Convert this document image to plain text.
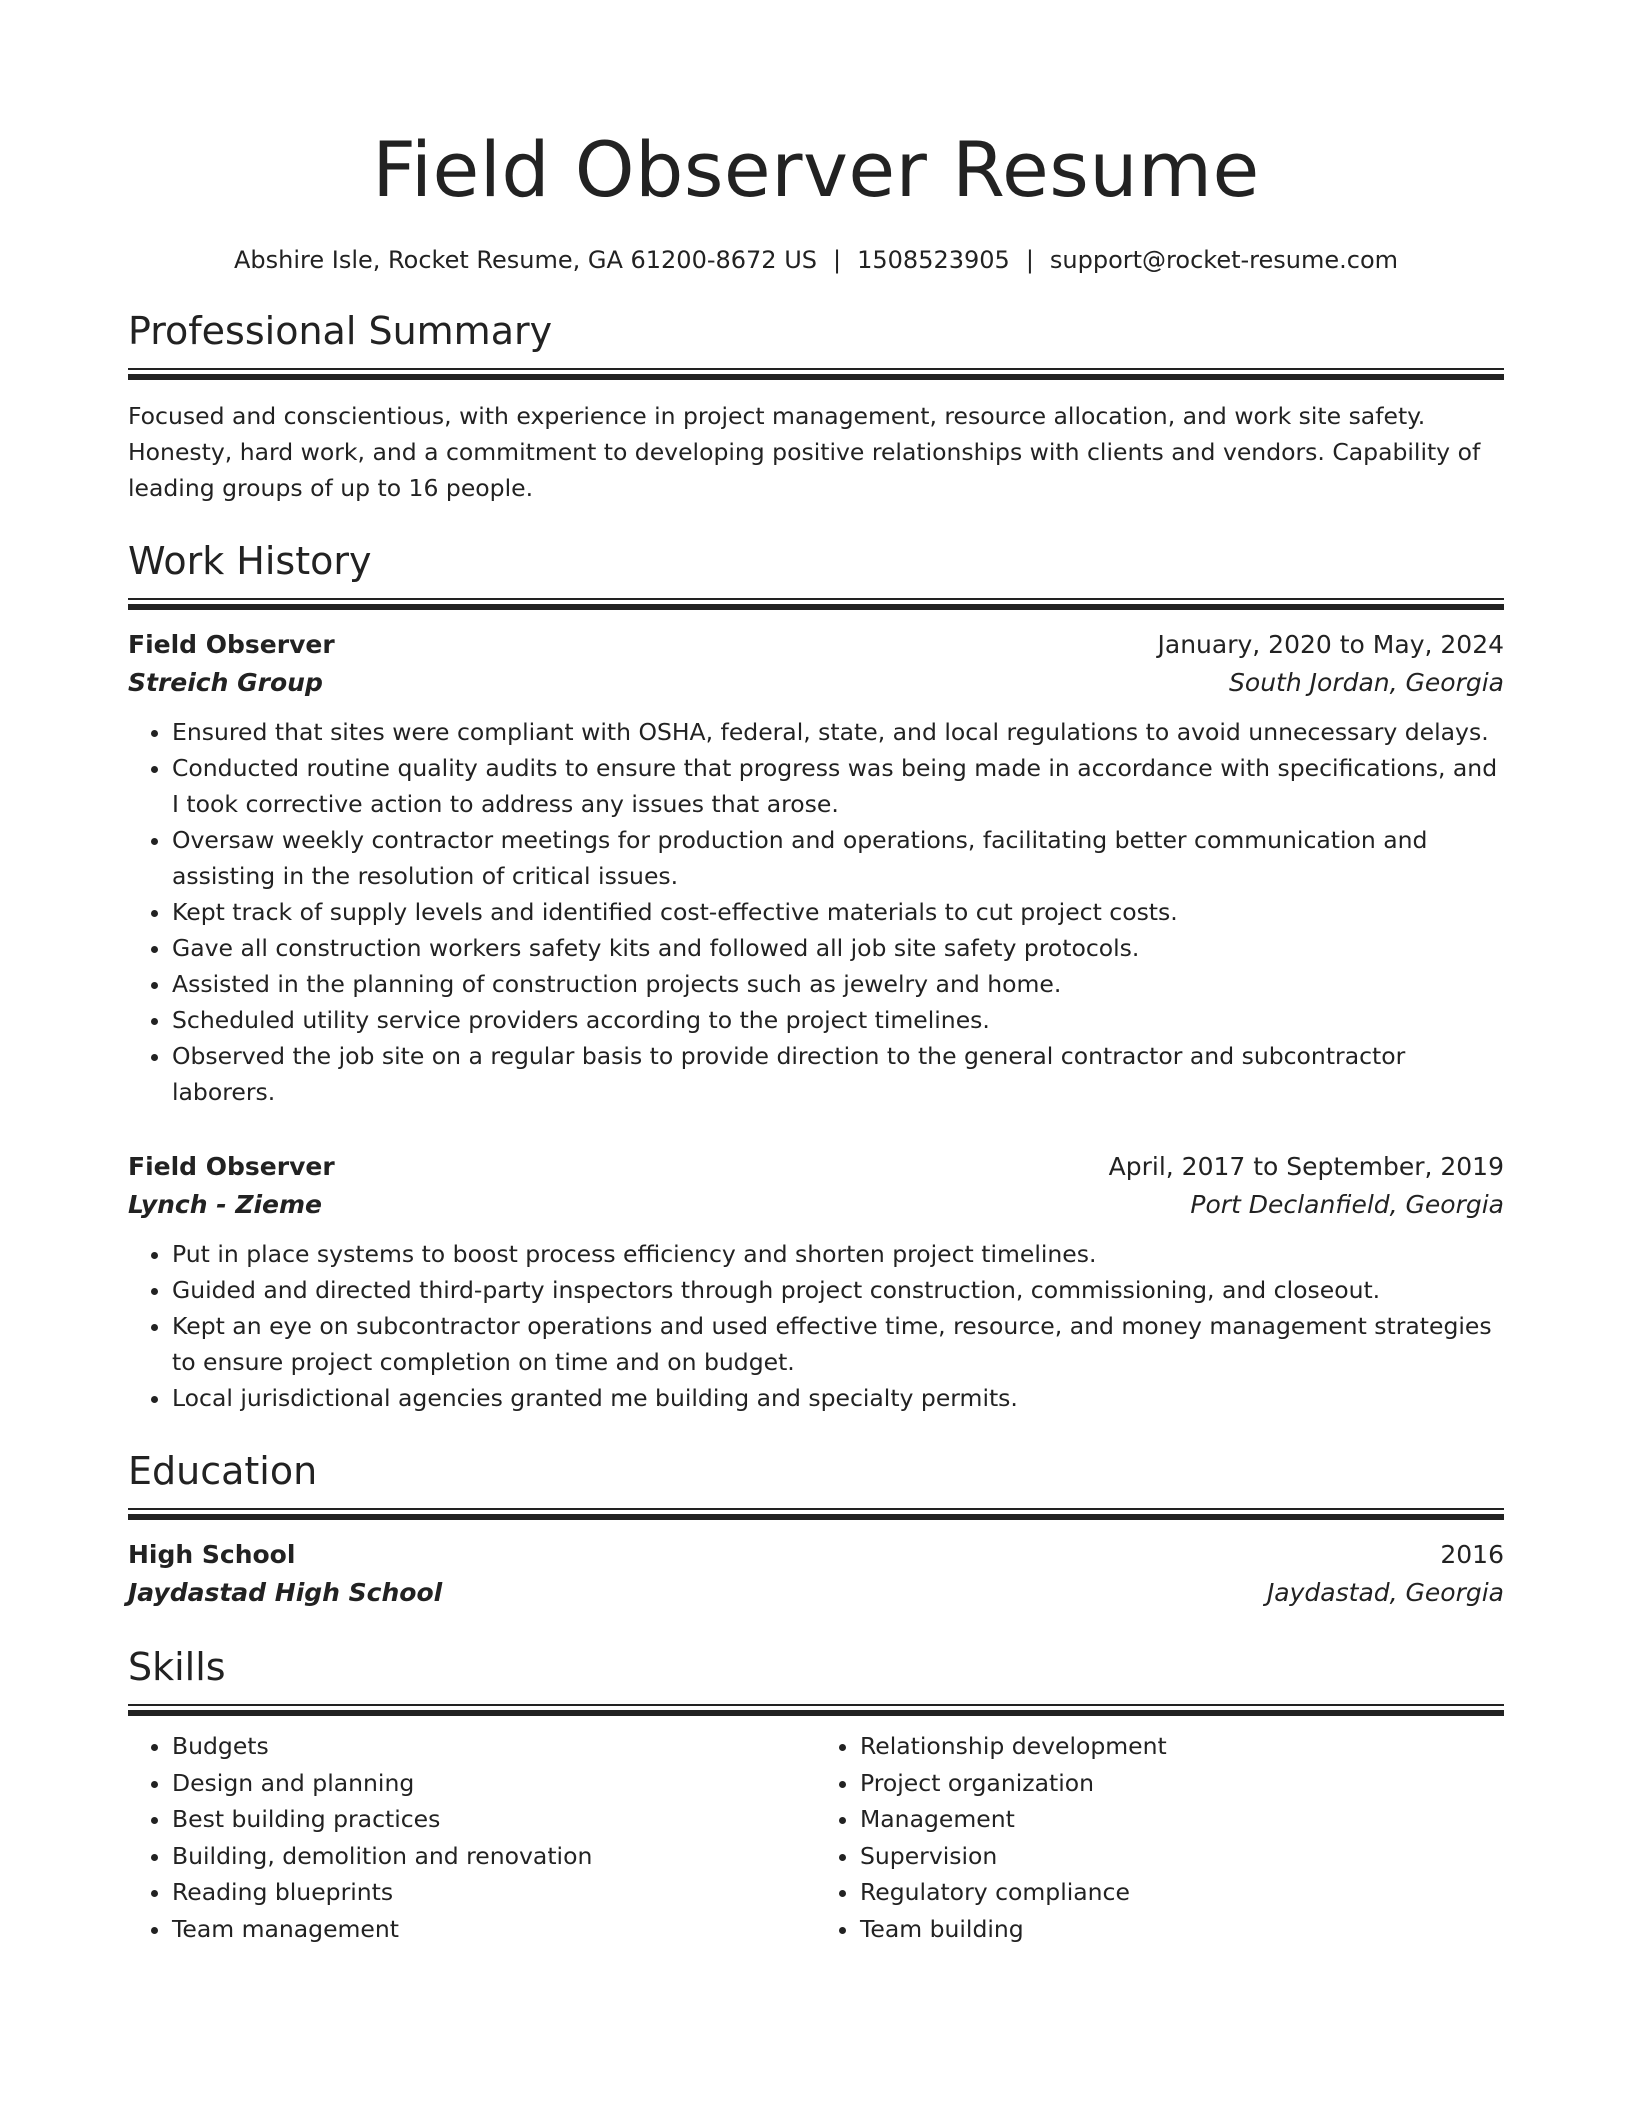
Field Observer Resume
Abshire Isle, Rocket Resume, GA 61200-8672 US | 1508523905 | support@rocket-resume.com
Professional Summary

Focused and conscientious, with experience in project management, resource allocation, and work site safety. Honesty, hard work, and a commitment to developing positive relationships with clients and vendors. Capability of leading groups of up to 16 people.

Work History
Field Observer	January, 2020 to May, 2024
Streich Group	South Jordan, Georgia
• Ensured that sites were compliant with OSHA, federal, state, and local regulations to avoid unnecessary delays.
• Conducted routine quality audits to ensure that progress was being made in accordance with specifications, and I took corrective action to address any issues that arose.
• Oversaw weekly contractor meetings for production and operations, facilitating better communication and assisting in the resolution of critical issues.
• Kept track of supply levels and identified cost-effective materials to cut project costs.
• Gave all construction workers safety kits and followed all job site safety protocols.
• Assisted in the planning of construction projects such as jewelry and home.
• Scheduled utility service providers according to the project timelines.
• Observed the job site on a regular basis to provide direction to the general contractor and subcontractor laborers.
Field Observer	April, 2017 to September, 2019
Lynch - Zieme	Port Declanfield, Georgia
• Put in place systems to boost process efficiency and shorten project timelines.
• Guided and directed third-party inspectors through project construction, commissioning, and closeout.
• Kept an eye on subcontractor operations and used effective time, resource, and money management strategies to ensure project completion on time and on budget.
• Local jurisdictional agencies granted me building and specialty permits.
Education
High School	2016
Jaydastad High School	Jaydastad, Georgia
Skills
• Budgets
• Design and planning
• Best building practices
• Building, demolition and renovation
• Reading blueprints
• Team management
• Relationship development
• Project organization
• Management
• Supervision
• Regulatory compliance
• Team building
